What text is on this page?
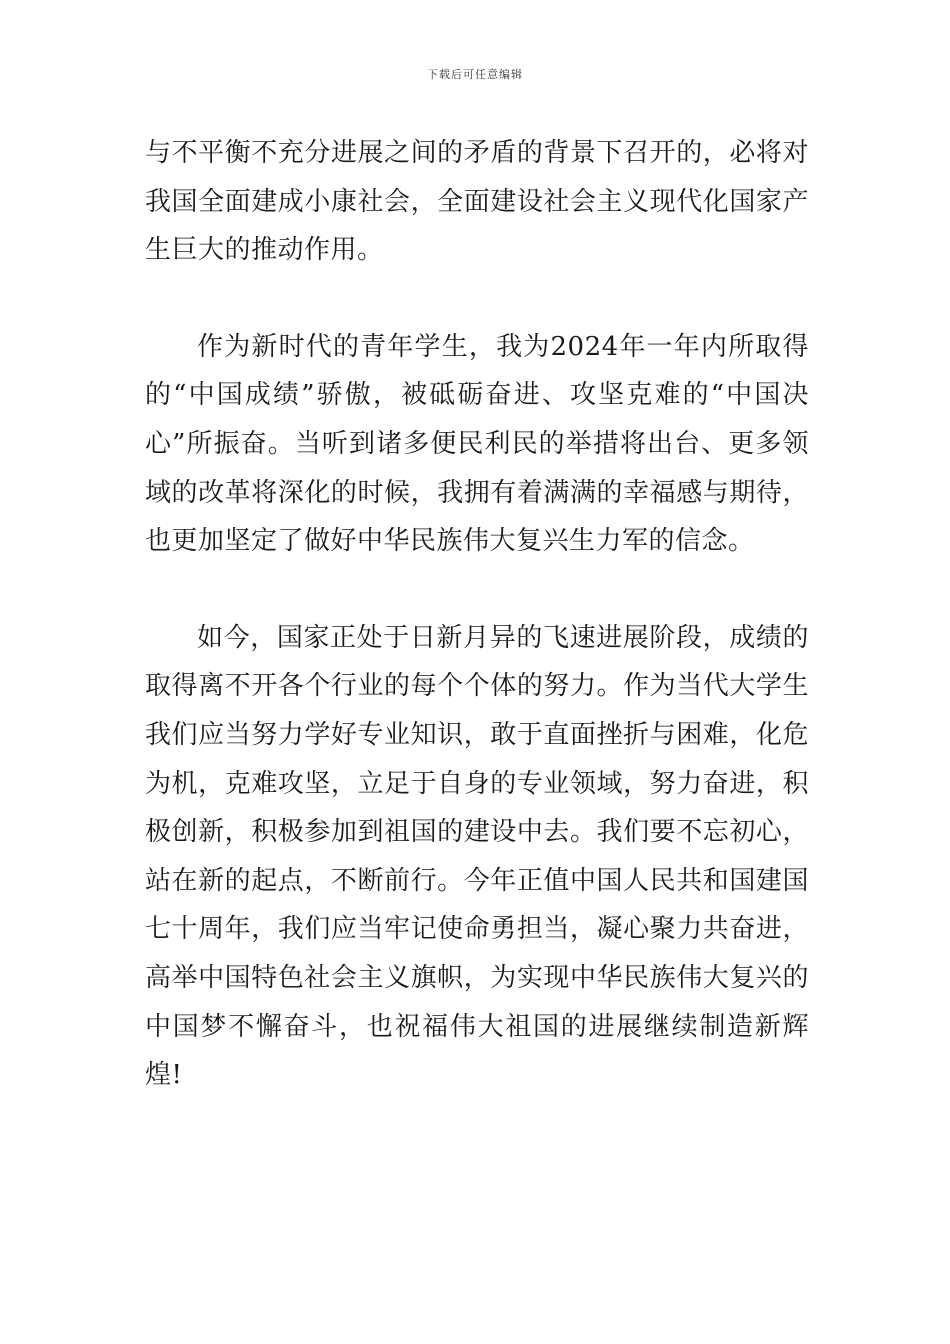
下载后可任意编辑

与不平衡不充分进展之间的矛盾的背景下召开的，必将对我国全面建成小康社会，全面建设社会主义现代化国家产生巨大的推动作用。

作为新时代的青年学生，我为2024年一年内所取得的“中国成绩”骄傲，被砥砺奋进、攻坚克难的“中国决心”所振奋。当听到诸多便民利民的举措将出台、更多领域的改革将深化的时候，我拥有着满满的幸福感与期待，也更加坚定了做好中华民族伟大复兴生力军的信念。

如今，国家正处于日新月异的飞速进展阶段，成绩的取得离不开各个行业的每个个体的努力。作为当代大学生我们应当努力学好专业知识，敢于直面挫折与困难，化危为机，克难攻坚，立足于自身的专业领域，努力奋进，积极创新，积极参加到祖国的建设中去。我们要不忘初心，站在新的起点，不断前行。今年正值中国人民共和国建国七十周年，我们应当牢记使命勇担当，凝心聚力共奋进，高举中国特色社会主义旗帜，为实现中华民族伟大复兴的中国梦不懈奋斗，也祝福伟大祖国的进展继续制造新辉煌!
